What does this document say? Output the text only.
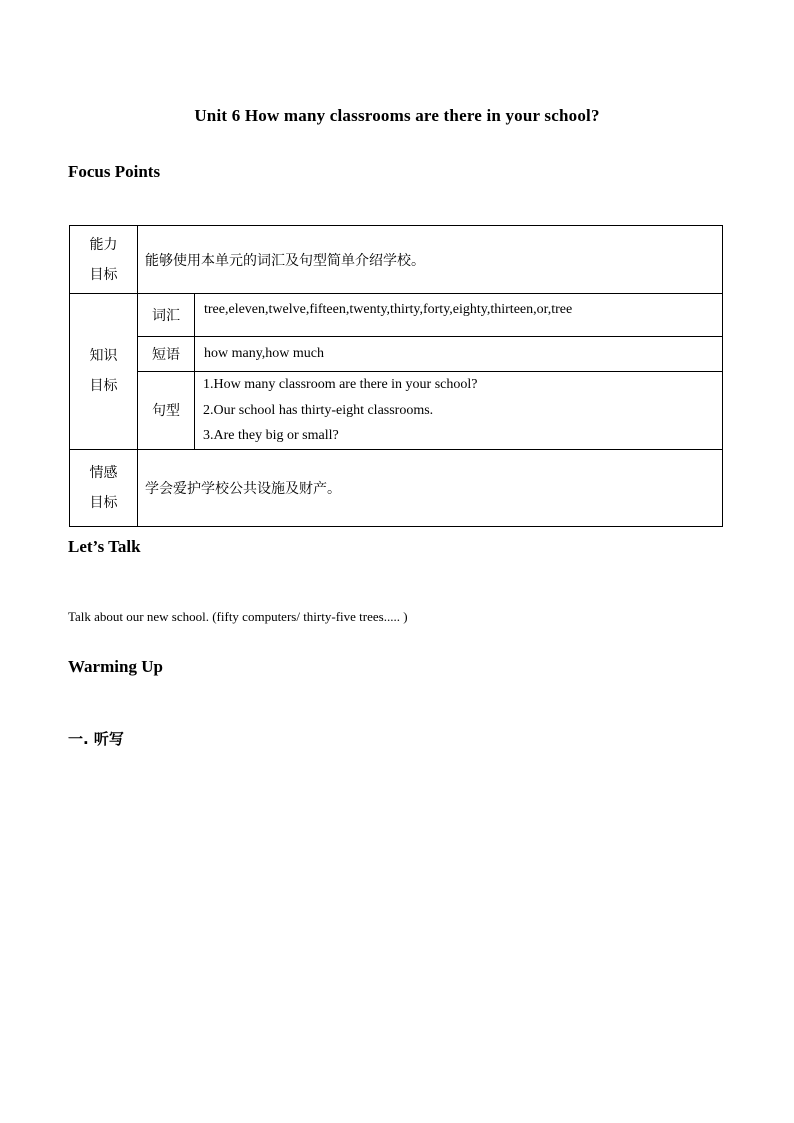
Unit 6 How many classrooms are there in your school?
Focus Points
能力
目标	能够使用本单元的词汇及句型简单介绍学校。	

知识
目标	词汇	tree,eleven,twelve,fifteen,twenty,thirty,forty,eighty,thirteen,or,tree
	短语	how many,how much
	句型	1.How many classroom are there in your school?
2.Our school has thirty-eight classrooms.
3.Are they big or small?

情感
目标	学会爱护学校公共设施及财产。	
Let’s Talk
Talk about our new school. (fifty computers/ thirty-five trees..... )
Warming Up
一. 听写
